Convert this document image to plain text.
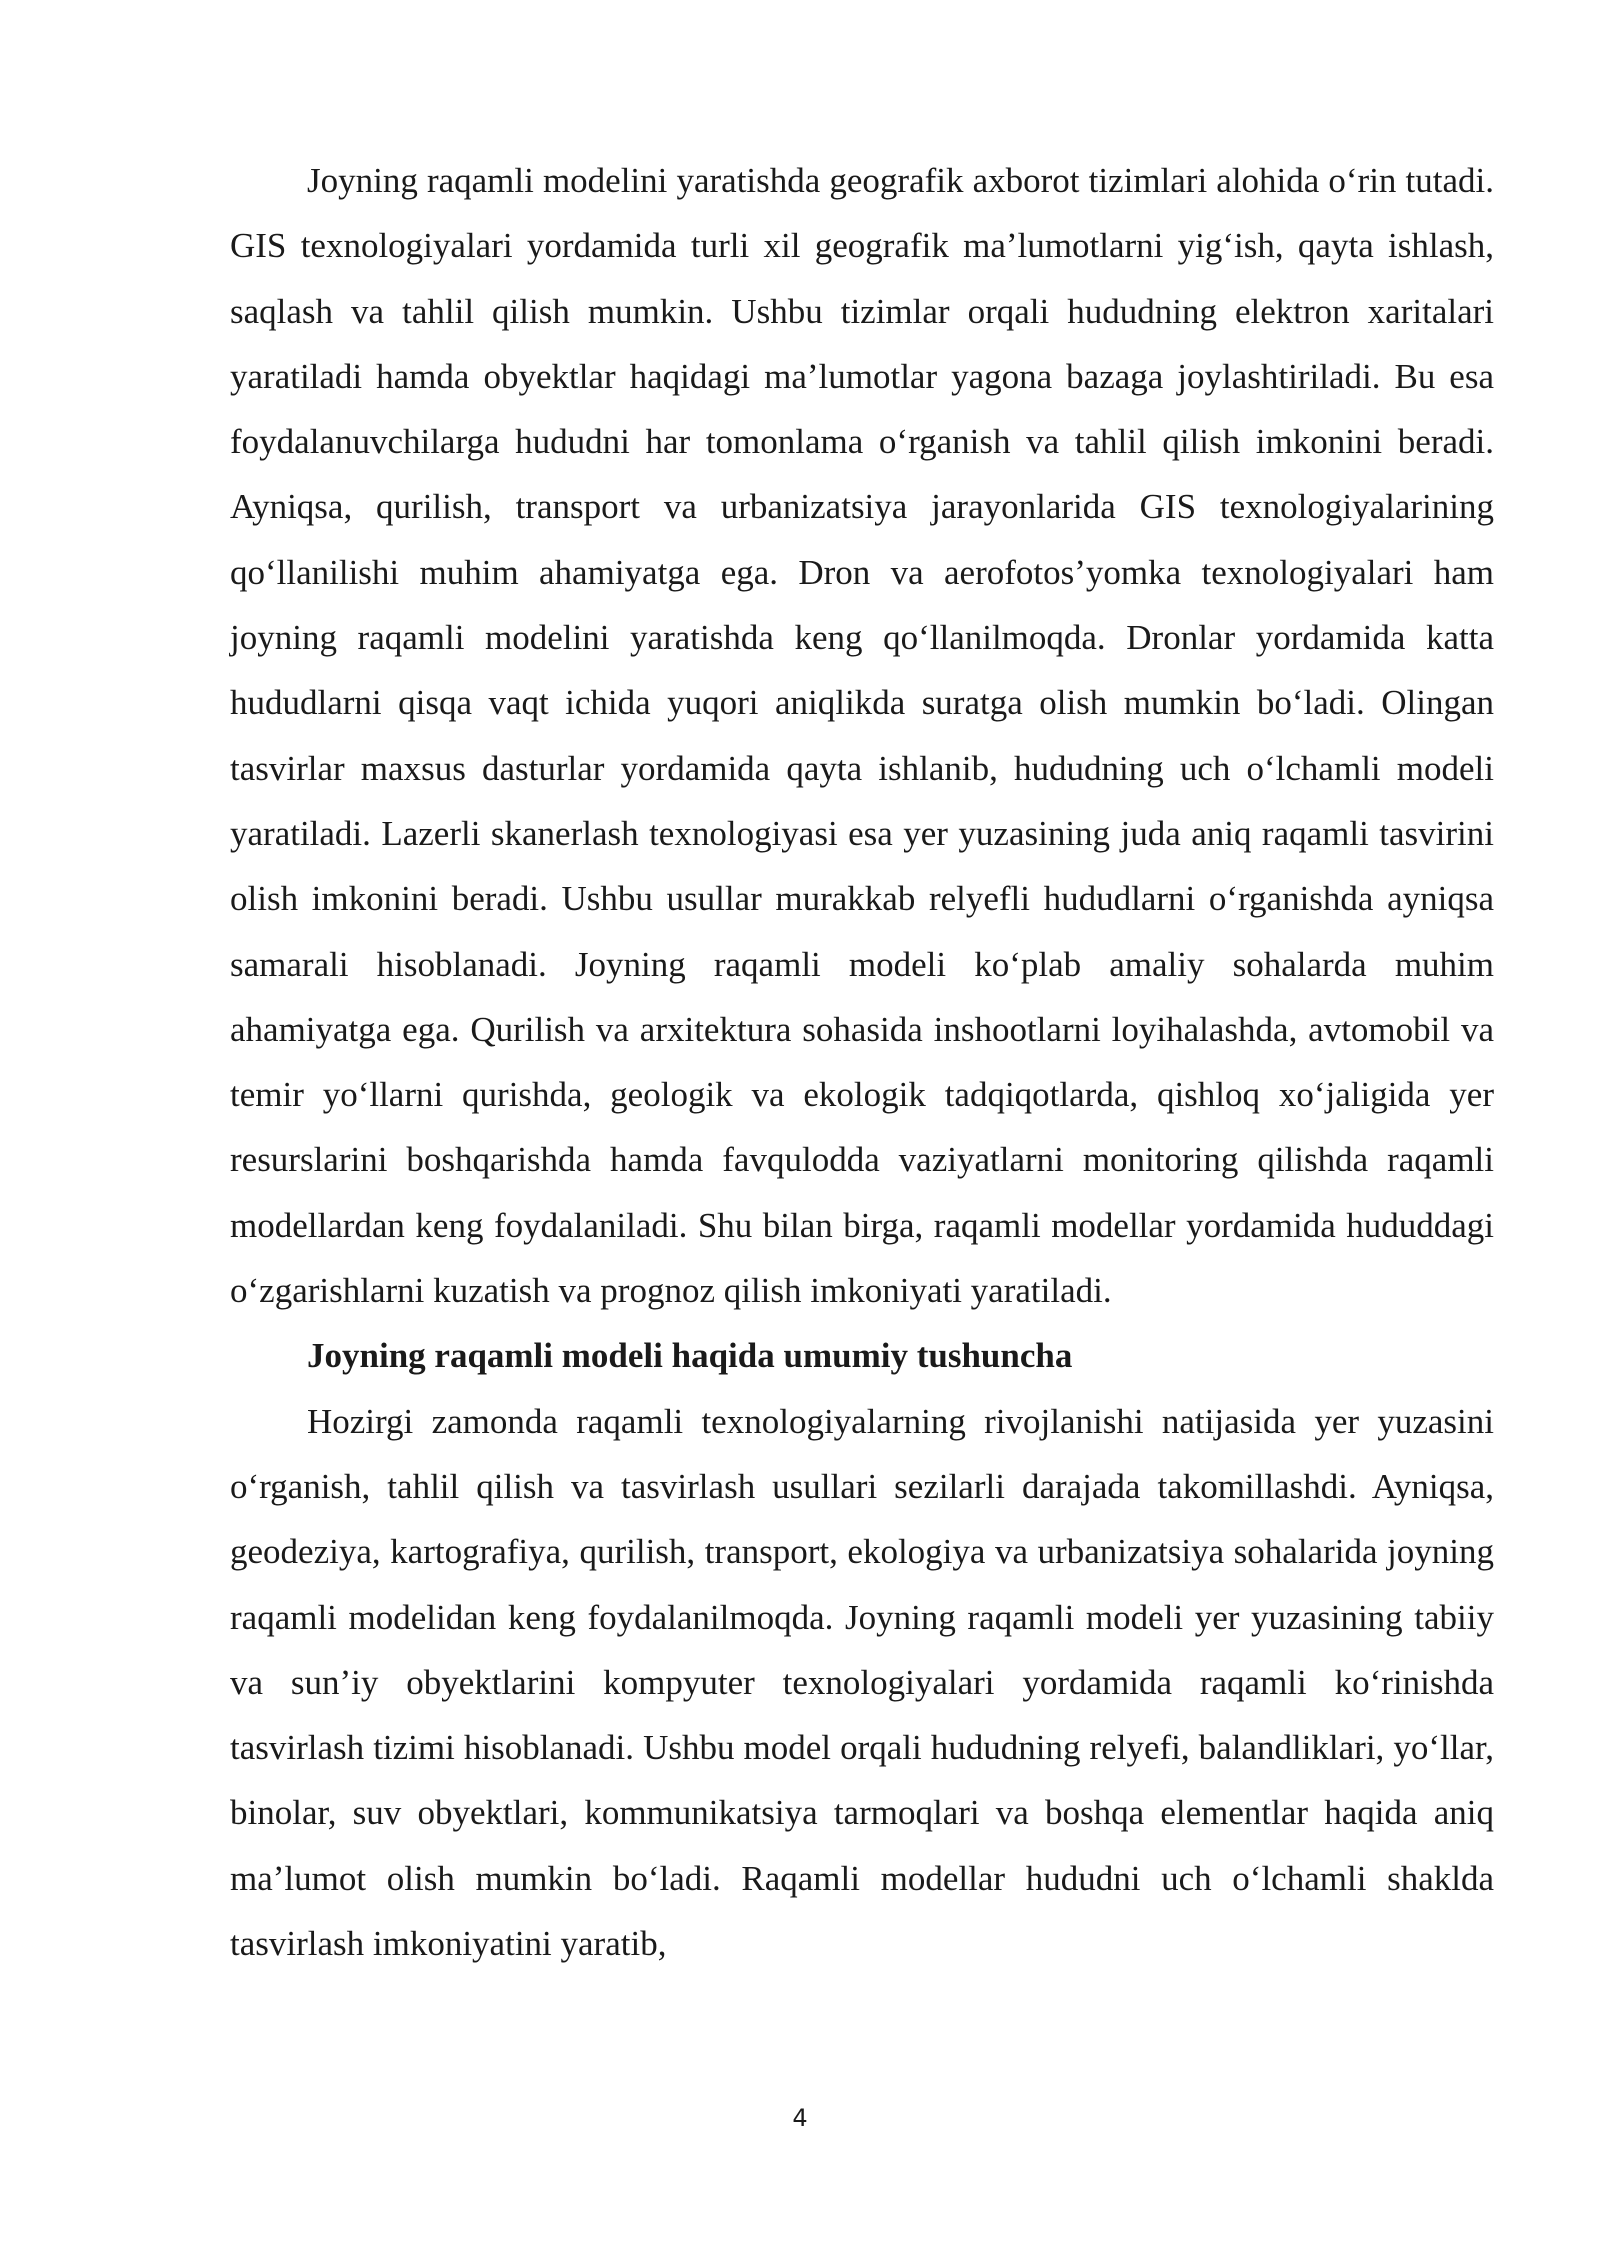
Joyning raqamli modelini yaratishda geografik axborot tizimlari alohida oʻrin tutadi. GIS texnologiyalari yordamida turli xil geografik maʼlumotlarni yigʻish, qayta ishlash, saqlash va tahlil qilish mumkin. Ushbu tizimlar orqali hududning elektron xaritalari yaratiladi hamda obyektlar haqidagi maʼlumotlar yagona bazaga joylashtiriladi. Bu esa foydalanuvchilarga hududni har tomonlama oʻrganish va tahlil qilish imkonini beradi. Ayniqsa, qurilish, transport va urbanizatsiya jarayonlarida GIS texnologiyalarining qoʻllanilishi muhim ahamiyatga ega. Dron va aerofotosʼyomka texnologiyalari ham joyning raqamli modelini yaratishda keng qoʻllanilmoqda. Dronlar yordamida katta hududlarni qisqa vaqt ichida yuqori aniqlikda suratga olish mumkin boʻladi. Olingan tasvirlar maxsus dasturlar yordamida qayta ishlanib, hududning uch oʻlchamli modeli yaratiladi. Lazerli skanerlash texnologiyasi esa yer yuzasining juda aniq raqamli tasvirini olish imkonini beradi. Ushbu usullar murakkab relyefli hududlarni oʻrganishda ayniqsa samarali hisoblanadi. Joyning raqamli modeli koʻplab amaliy sohalarda muhim ahamiyatga ega. Qurilish va arxitektura sohasida inshootlarni loyihalashda, avtomobil va temir yoʻllarni qurishda, geologik va ekologik tadqiqotlarda, qishloq xoʻjaligida yer resurslarini boshqarishda hamda favqulodda vaziyatlarni monitoring qilishda raqamli modellardan keng foydalaniladi. Shu bilan birga, raqamli modellar yordamida hududdagi oʻzgarishlarni kuzatish va prognoz qilish imkoniyati yaratiladi.

Joyning raqamli modeli haqida umumiy tushuncha

Hozirgi zamonda raqamli texnologiyalarning rivojlanishi natijasida yer yuzasini oʻrganish, tahlil qilish va tasvirlash usullari sezilarli darajada takomillashdi. Ayniqsa, geodeziya, kartografiya, qurilish, transport, ekologiya va urbanizatsiya sohalarida joyning raqamli modelidan keng foydalanilmoqda. Joyning raqamli modeli yer yuzasining tabiiy va sunʼiy obyektlarini kompyuter texnologiyalari yordamida raqamli koʻrinishda tasvirlash tizimi hisoblanadi. Ushbu model orqali hududning relyefi, balandliklari, yoʻllar, binolar, suv obyektlari, kommunikatsiya tarmoqlari va boshqa elementlar haqida aniq maʼlumot olish mumkin boʻladi. Raqamli modellar hududni uch oʻlchamli shaklda tasvirlash imkoniyatini yaratib,

4
